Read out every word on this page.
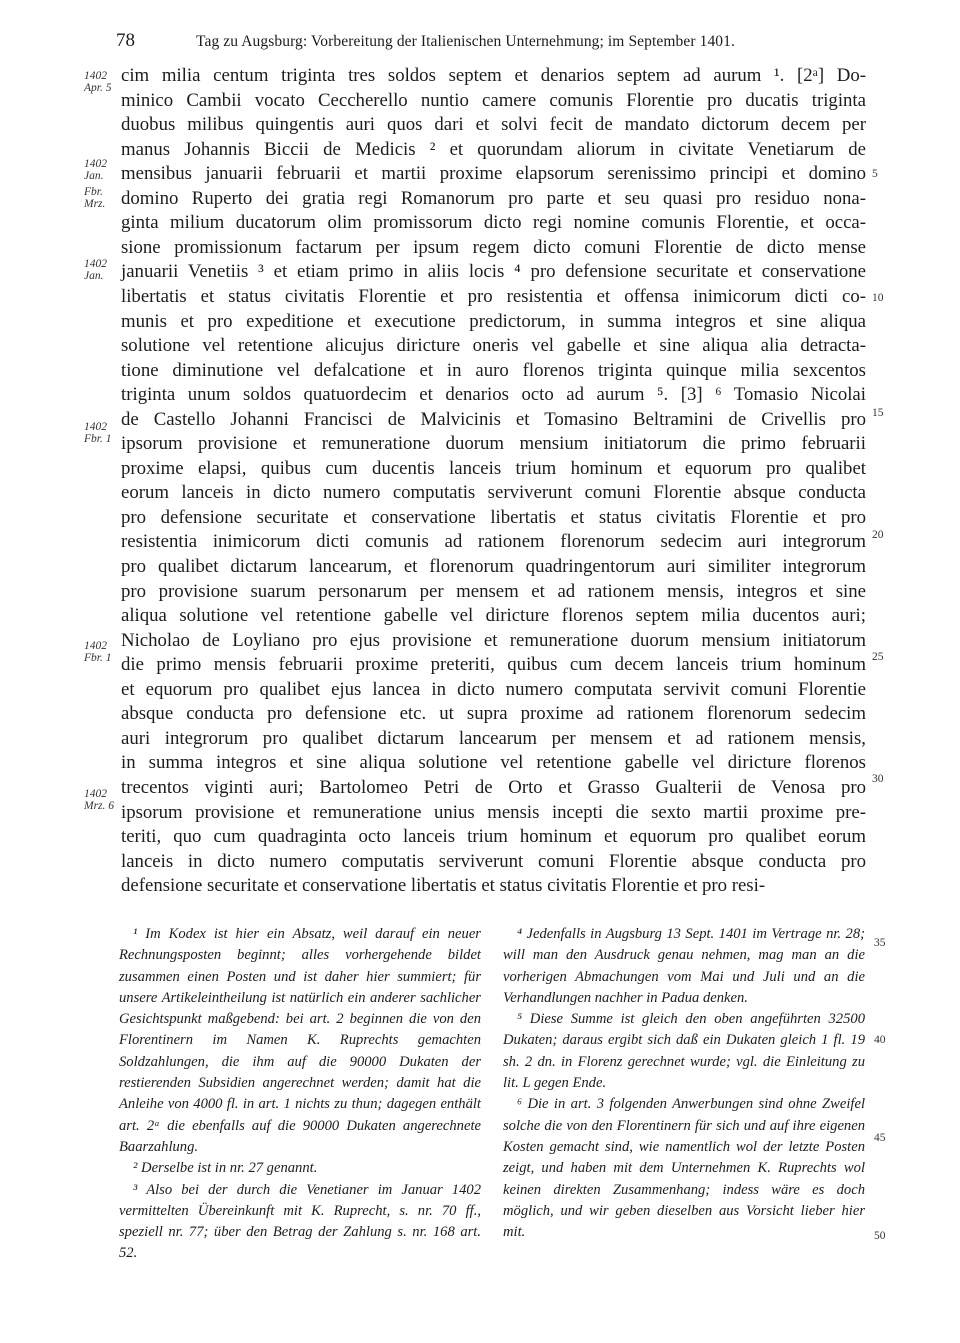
78	Tag zu Augsburg: Vorbereitung der Italienischen Unternehmung; im September 1401.
cim milia centum triginta tres soldos septem et denarios septem ad aurum ¹. [2ᵃ] Do-
minico Cambii vocato Ceccherello nuntio camere comunis Florentie pro ducatis triginta
duobus milibus quingentis auri quos dari et solvi fecit de mandato dictorum decem per
manus Johannis Biccii de Medicis ² et quorundam aliorum in civitate Venetiarum de
mensibus januarii februarii et martii proxime elapsorum serenissimo principi et domino
domino Ruperto dei gratia regi Romanorum pro parte et seu quasi pro residuo nona-
ginta milium ducatorum olim promissorum dicto regi nomine comunis Florentie, et occa-
sione promissionum factarum per ipsum regem dicto comuni Florentie de dicto mense
januarii Venetiis ³ et etiam primo in aliis locis ⁴ pro defensione securitate et conservatione
libertatis et status civitatis Florentie et pro resistentia et offensa inimicorum dicti co-
munis et pro expeditione et executione predictorum, in summa integros et sine aliqua
solutione vel retentione alicujus diricture oneris vel gabelle et sine aliqua alia detracta-
tione diminutione vel defalcatione et in auro florenos triginta quinque milia sexcentos
triginta unum soldos quatuordecim et denarios octo ad aurum ⁵. [3] ⁶ Tomasio Nicolai
de Castello Johanni Francisci de Malvicinis et Tomasino Beltramini de Crivellis pro
ipsorum provisione et remuneratione duorum mensium initiatorum die primo februarii
proxime elapsi, quibus cum ducentis lanceis trium hominum et equorum pro qualibet
eorum lanceis in dicto numero computatis serviverunt comuni Florentie absque conducta
pro defensione securitate et conservatione libertatis et status civitatis Florentie et pro
resistentia inimicorum dicti comunis ad rationem florenorum sedecim auri integrorum
pro qualibet dictarum lancearum, et florenorum quadringentorum auri similiter integrorum
pro provisione suarum personarum per mensem et ad rationem mensis, integros et sine
aliqua solutione vel retentione gabelle vel diricture florenos septem milia ducentos auri;
Nicholao de Loyliano pro ejus provisione et remuneratione duorum mensium initiatorum
die primo mensis februarii proxime preteriti, quibus cum decem lanceis trium hominum
et equorum pro qualibet ejus lancea in dicto numero computata servivit comuni Florentie
absque conducta pro defensione etc. ut supra proxime ad rationem florenorum sedecim
auri integrorum pro qualibet dictarum lancearum per mensem et ad rationem mensis,
in summa integros et sine aliqua solutione vel retentione gabelle vel diricture florenos
trecentos viginti auri; Bartolomeo Petri de Orto et Grasso Gualterii de Venosa pro
ipsorum provisione et remuneratione unius mensis incepti die sexto martii proxime pre-
teriti, quo cum quadraginta octo lanceis trium hominum et equorum pro qualibet eorum
lanceis in dicto numero computatis serviverunt comuni Florentie absque conducta pro
defensione securitate et conservatione libertatis et status civitatis Florentie et pro resi-
1402
Apr. 5
1402
Jan.
Fbr.
Mrz.
1402
Jan.
1402
Fbr. 1
1402
Fbr. 1
1402
Mrz. 6
5
10
15
20
25
30

¹ Im Kodex ist hier ein Absatz, weil darauf ein neuer Rechnungsposten beginnt; alles vorhergehende bildet zusammen einen Posten und ist daher hier summiert; für unsere Artikeleintheilung ist natürlich ein anderer sachlicher Gesichtspunkt maßgebend: bei art. 2 beginnen die von den Florentinern im Namen K. Ruprechts gemachten Soldzahlungen, die ihm auf die 90000 Dukaten der restierenden Subsidien angerechnet werden; damit hat die Anleihe von 4000 fl. in art. 1 nichts zu thun; dagegen enthält art. 2ᵃ die ebenfalls auf die 90000 Dukaten angerechnete Baarzahlung.

² Derselbe ist in nr. 27 genannt.

³ Also bei der durch die Venetianer im Januar 1402 vermittelten Übereinkunft mit K. Ruprecht, s. nr. 70 ff., speziell nr. 77; über den Betrag der Zahlung s. nr. 168 art. 52.

⁴ Jedenfalls in Augsburg 13 Sept. 1401 im Vertrage nr. 28; will man den Ausdruck genau nehmen, mag man an die vorherigen Abmachungen vom Mai und Juli und an die Verhandlungen nachher in Padua denken.

⁵ Diese Summe ist gleich den oben angeführten 32500 Dukaten; daraus ergibt sich daß ein Dukaten gleich 1 fl. 19 sh. 2 dn. in Florenz gerechnet wurde; vgl. die Einleitung zu lit. L gegen Ende.

⁶ Die in art. 3 folgenden Anwerbungen sind ohne Zweifel solche die von den Florentinern für sich und auf ihre eigenen Kosten gemacht sind, wie namentlich wol der letzte Posten zeigt, und haben mit dem Unternehmen K. Ruprechts wol keinen direkten Zusammenhang; indess wäre es doch möglich, und wir geben dieselben aus Vorsicht lieber hier mit.

35
40
45
50
